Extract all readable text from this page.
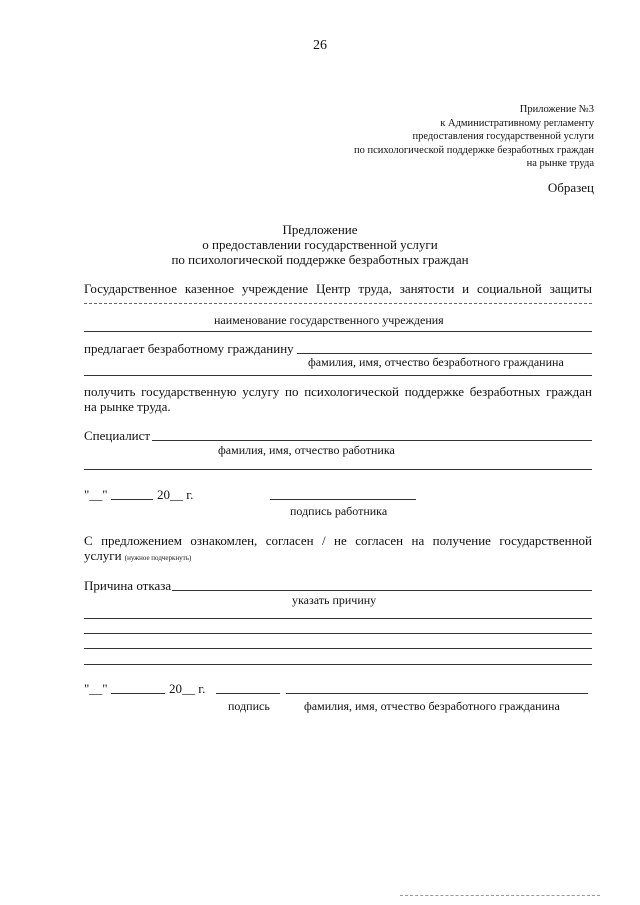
26
Приложение №3
к Административному регламенту
предоставления государственной услуги
по психологической поддержке безработных граждан
на рынке труда
Образец
Предложение
о предоставлении государственной услуги
по психологической поддержке безработных граждан
Государственное казенное учреждение Центр труда, занятости и социальной защиты
наименование государственного учреждения
предлагает безработному гражданину
фамилия, имя, отчество безработного гражданина
получить государственную услугу по психологической поддержке безработных граждан
на рынке труда.
Специалист
фамилия, имя, отчество работника
"__"	20__ г.
подпись работника
С предложением ознакомлен, согласен / не согласен на получение государственной
услуги (нужное подчеркнуть)
Причина отказа
указать причину
"__"	20__ г.
подпись	фамилия, имя, отчество безработного гражданина
